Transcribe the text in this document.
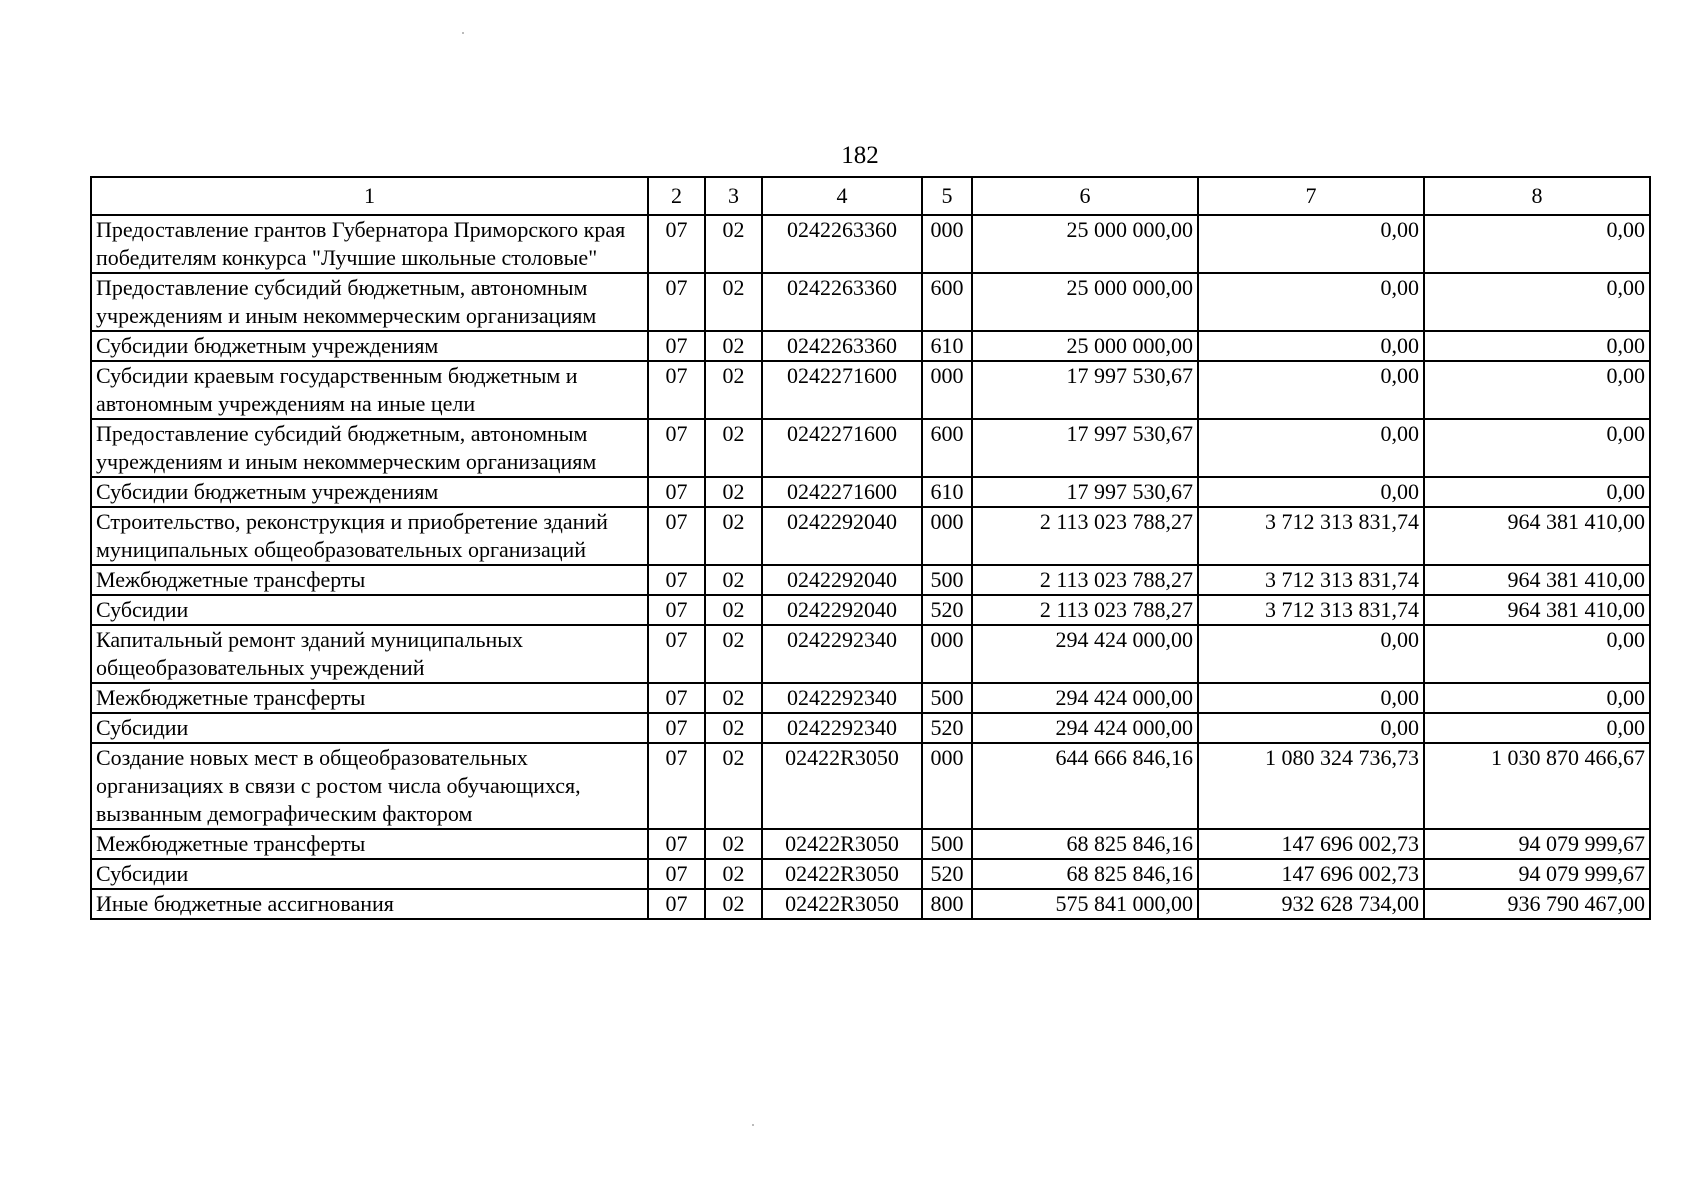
182
1	2	3	4	5	6	7	8
Предоставление грантов Губернатора Приморского края победителям конкурса "Лучшие школьные столовые"	07	02	0242263360	000	25 000 000,00	0,00	0,00
Предоставление субсидий бюджетным, автономным учреждениям и иным некоммерческим организациям	07	02	0242263360	600	25 000 000,00	0,00	0,00
Субсидии бюджетным учреждениям	07	02	0242263360	610	25 000 000,00	0,00	0,00
Субсидии краевым государственным бюджетным и автономным учреждениям на иные цели	07	02	0242271600	000	17 997 530,67	0,00	0,00
Предоставление субсидий бюджетным, автономным учреждениям и иным некоммерческим организациям	07	02	0242271600	600	17 997 530,67	0,00	0,00
Субсидии бюджетным учреждениям	07	02	0242271600	610	17 997 530,67	0,00	0,00
Строительство, реконструкция и приобретение зданий муниципальных общеобразовательных организаций	07	02	0242292040	000	2 113 023 788,27	3 712 313 831,74	964 381 410,00
Межбюджетные трансферты	07	02	0242292040	500	2 113 023 788,27	3 712 313 831,74	964 381 410,00
Субсидии	07	02	0242292040	520	2 113 023 788,27	3 712 313 831,74	964 381 410,00
Капитальный ремонт зданий муниципальных общеобразовательных учреждений	07	02	0242292340	000	294 424 000,00	0,00	0,00
Межбюджетные трансферты	07	02	0242292340	500	294 424 000,00	0,00	0,00
Субсидии	07	02	0242292340	520	294 424 000,00	0,00	0,00
Создание новых мест в общеобразовательных организациях в связи с ростом числа обучающихся, вызванным демографическим фактором	07	02	02422R3050	000	644 666 846,16	1 080 324 736,73	1 030 870 466,67
Межбюджетные трансферты	07	02	02422R3050	500	68 825 846,16	147 696 002,73	94 079 999,67
Субсидии	07	02	02422R3050	520	68 825 846,16	147 696 002,73	94 079 999,67
Иные бюджетные ассигнования	07	02	02422R3050	800	575 841 000,00	932 628 734,00	936 790 467,00
